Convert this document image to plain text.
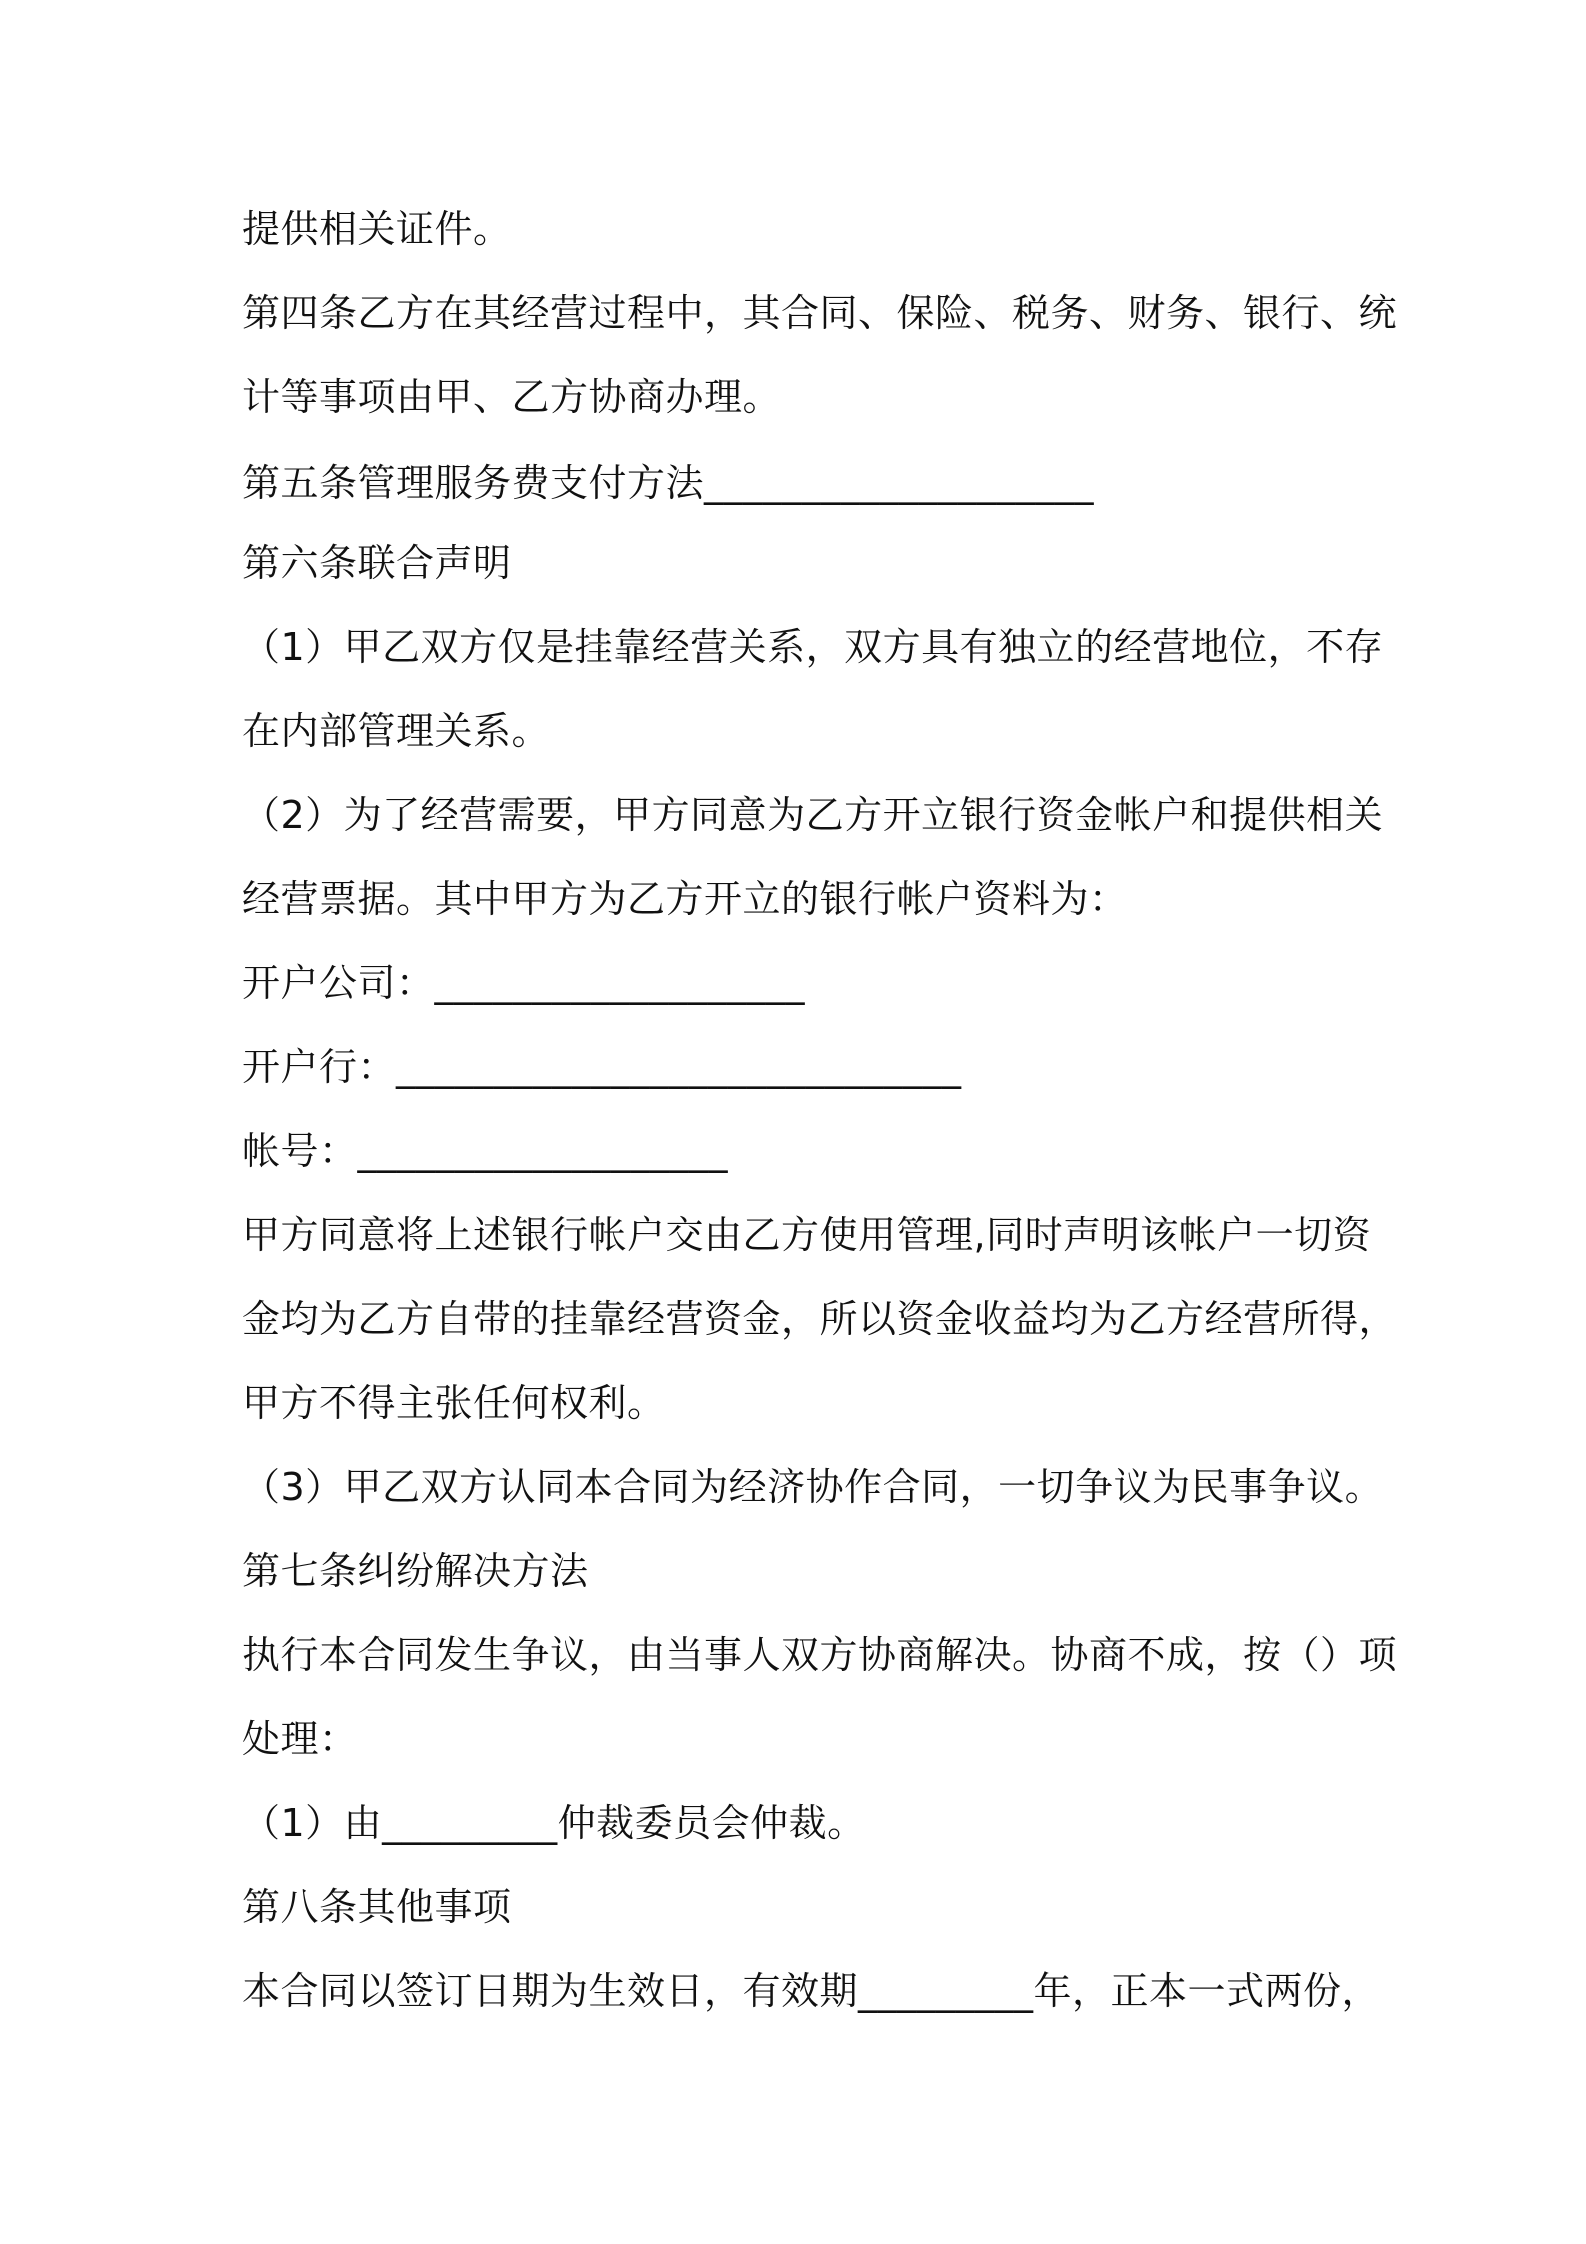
提供相关证件。
第四条乙方在其经营过程中，其合同、保险、税务、财务、银行、统
计等事项由甲、乙方协商办理。
第五条管理服务费支付方法____________________
第六条联合声明
（1）甲乙双方仅是挂靠经营关系，双方具有独立的经营地位，不存
在内部管理关系。
（2）为了经营需要，甲方同意为乙方开立银行资金帐户和提供相关
经营票据。其中甲方为乙方开立的银行帐户资料为：
开户公司：___________________
开户行：_____________________________
帐号：___________________
甲方同意将上述银行帐户交由乙方使用管理,同时声明该帐户一切资
金均为乙方自带的挂靠经营资金，所以资金收益均为乙方经营所得，
甲方不得主张任何权利。
（3）甲乙双方认同本合同为经济协作合同，一切争议为民事争议。
第七条纠纷解决方法
执行本合同发生争议，由当事人双方协商解决。协商不成，按（）项
处理：
（1）由_________仲裁委员会仲裁。
第八条其他事项
本合同以签订日期为生效日，有效期_________年，正本一式两份，
